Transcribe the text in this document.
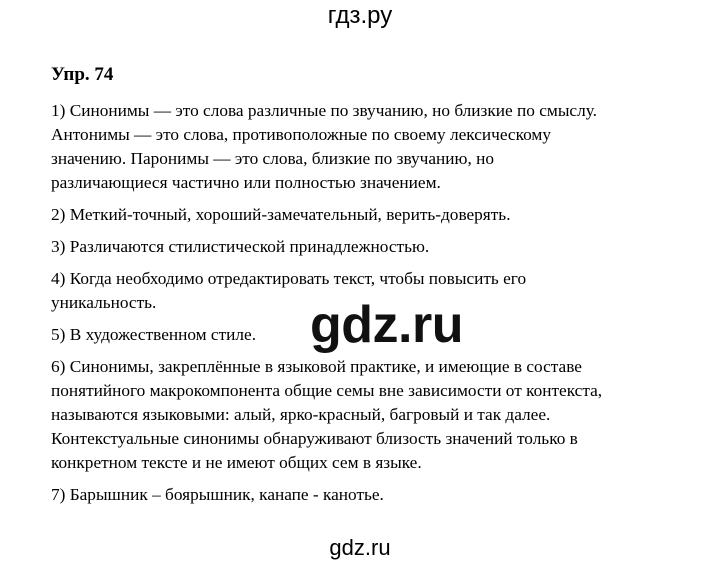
гдз.ру
Упр. 74
1) Синонимы — это слова различные по звучанию, но близкие по смыслу.
Антонимы — это слова, противоположные по своему лексическому
значению. Паронимы — это слова, близкие по звучанию, но
различающиеся частично или полностью значением.
2) Меткий-точный, хороший-замечательный, верить-доверять.
3) Различаются стилистической принадлежностью.
4) Когда необходимо отредактировать текст, чтобы повысить его
уникальность.
5) В художественном стиле.
6) Синонимы, закреплённые в языковой практике, и имеющие в составе
понятийного макрокомпонента общие семы вне зависимости от контекста,
называются языковыми: алый, ярко-красный, багровый и так далее.
Контекстуальные синонимы обнаруживают близость значений только в
конкретном тексте и не имеют общих сем в языке.
7) Барышник – боярышник, канапе - канотье.
gdz.ru
gdz.ru
